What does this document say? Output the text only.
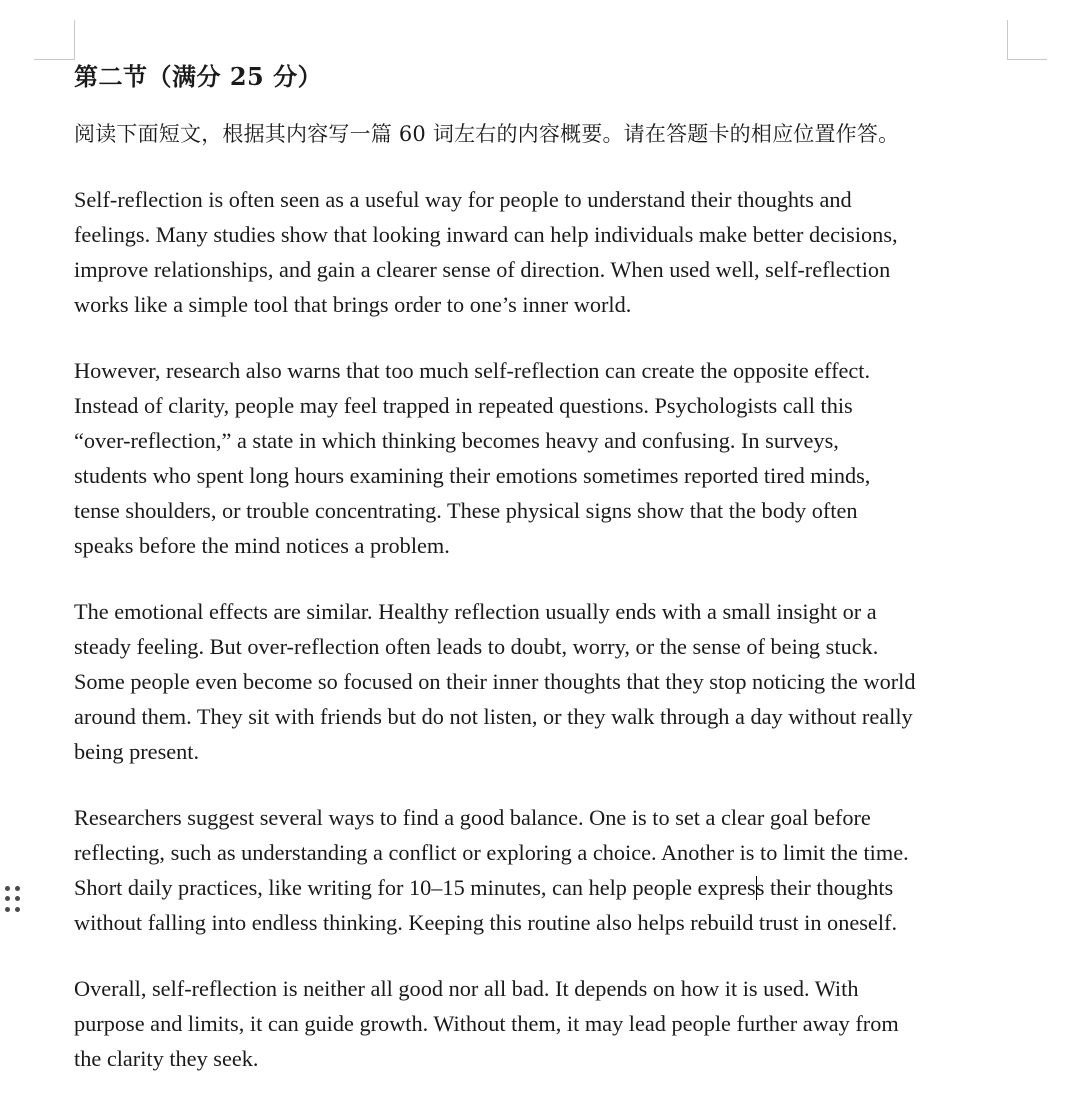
第二节（满分 25 分）
阅读下面短文，根据其内容写一篇 60 词左右的内容概要。请在答题卡的相应位置作答。
Self-reflection is often seen as a useful way for people to understand their thoughts and
feelings. Many studies show that looking inward can help individuals make better decisions,
improve relationships, and gain a clearer sense of direction. When used well, self-reflection
works like a simple tool that brings order to one’s inner world.
However, research also warns that too much self-reflection can create the opposite effect.
Instead of clarity, people may feel trapped in repeated questions. Psychologists call this
“over-reflection,” a state in which thinking becomes heavy and confusing. In surveys,
students who spent long hours examining their emotions sometimes reported tired minds,
tense shoulders, or trouble concentrating. These physical signs show that the body often
speaks before the mind notices a problem.
The emotional effects are similar. Healthy reflection usually ends with a small insight or a
steady feeling. But over-reflection often leads to doubt, worry, or the sense of being stuck.
Some people even become so focused on their inner thoughts that they stop noticing the world
around them. They sit with friends but do not listen, or they walk through a day without really
being present.
Researchers suggest several ways to find a good balance. One is to set a clear goal before
reflecting, such as understanding a conflict or exploring a choice. Another is to limit the time.
Short daily practices, like writing for 10–15 minutes, can help people express their thoughts
without falling into endless thinking. Keeping this routine also helps rebuild trust in oneself.
Overall, self-reflection is neither all good nor all bad. It depends on how it is used. With
purpose and limits, it can guide growth. Without them, it may lead people further away from
the clarity they seek.
